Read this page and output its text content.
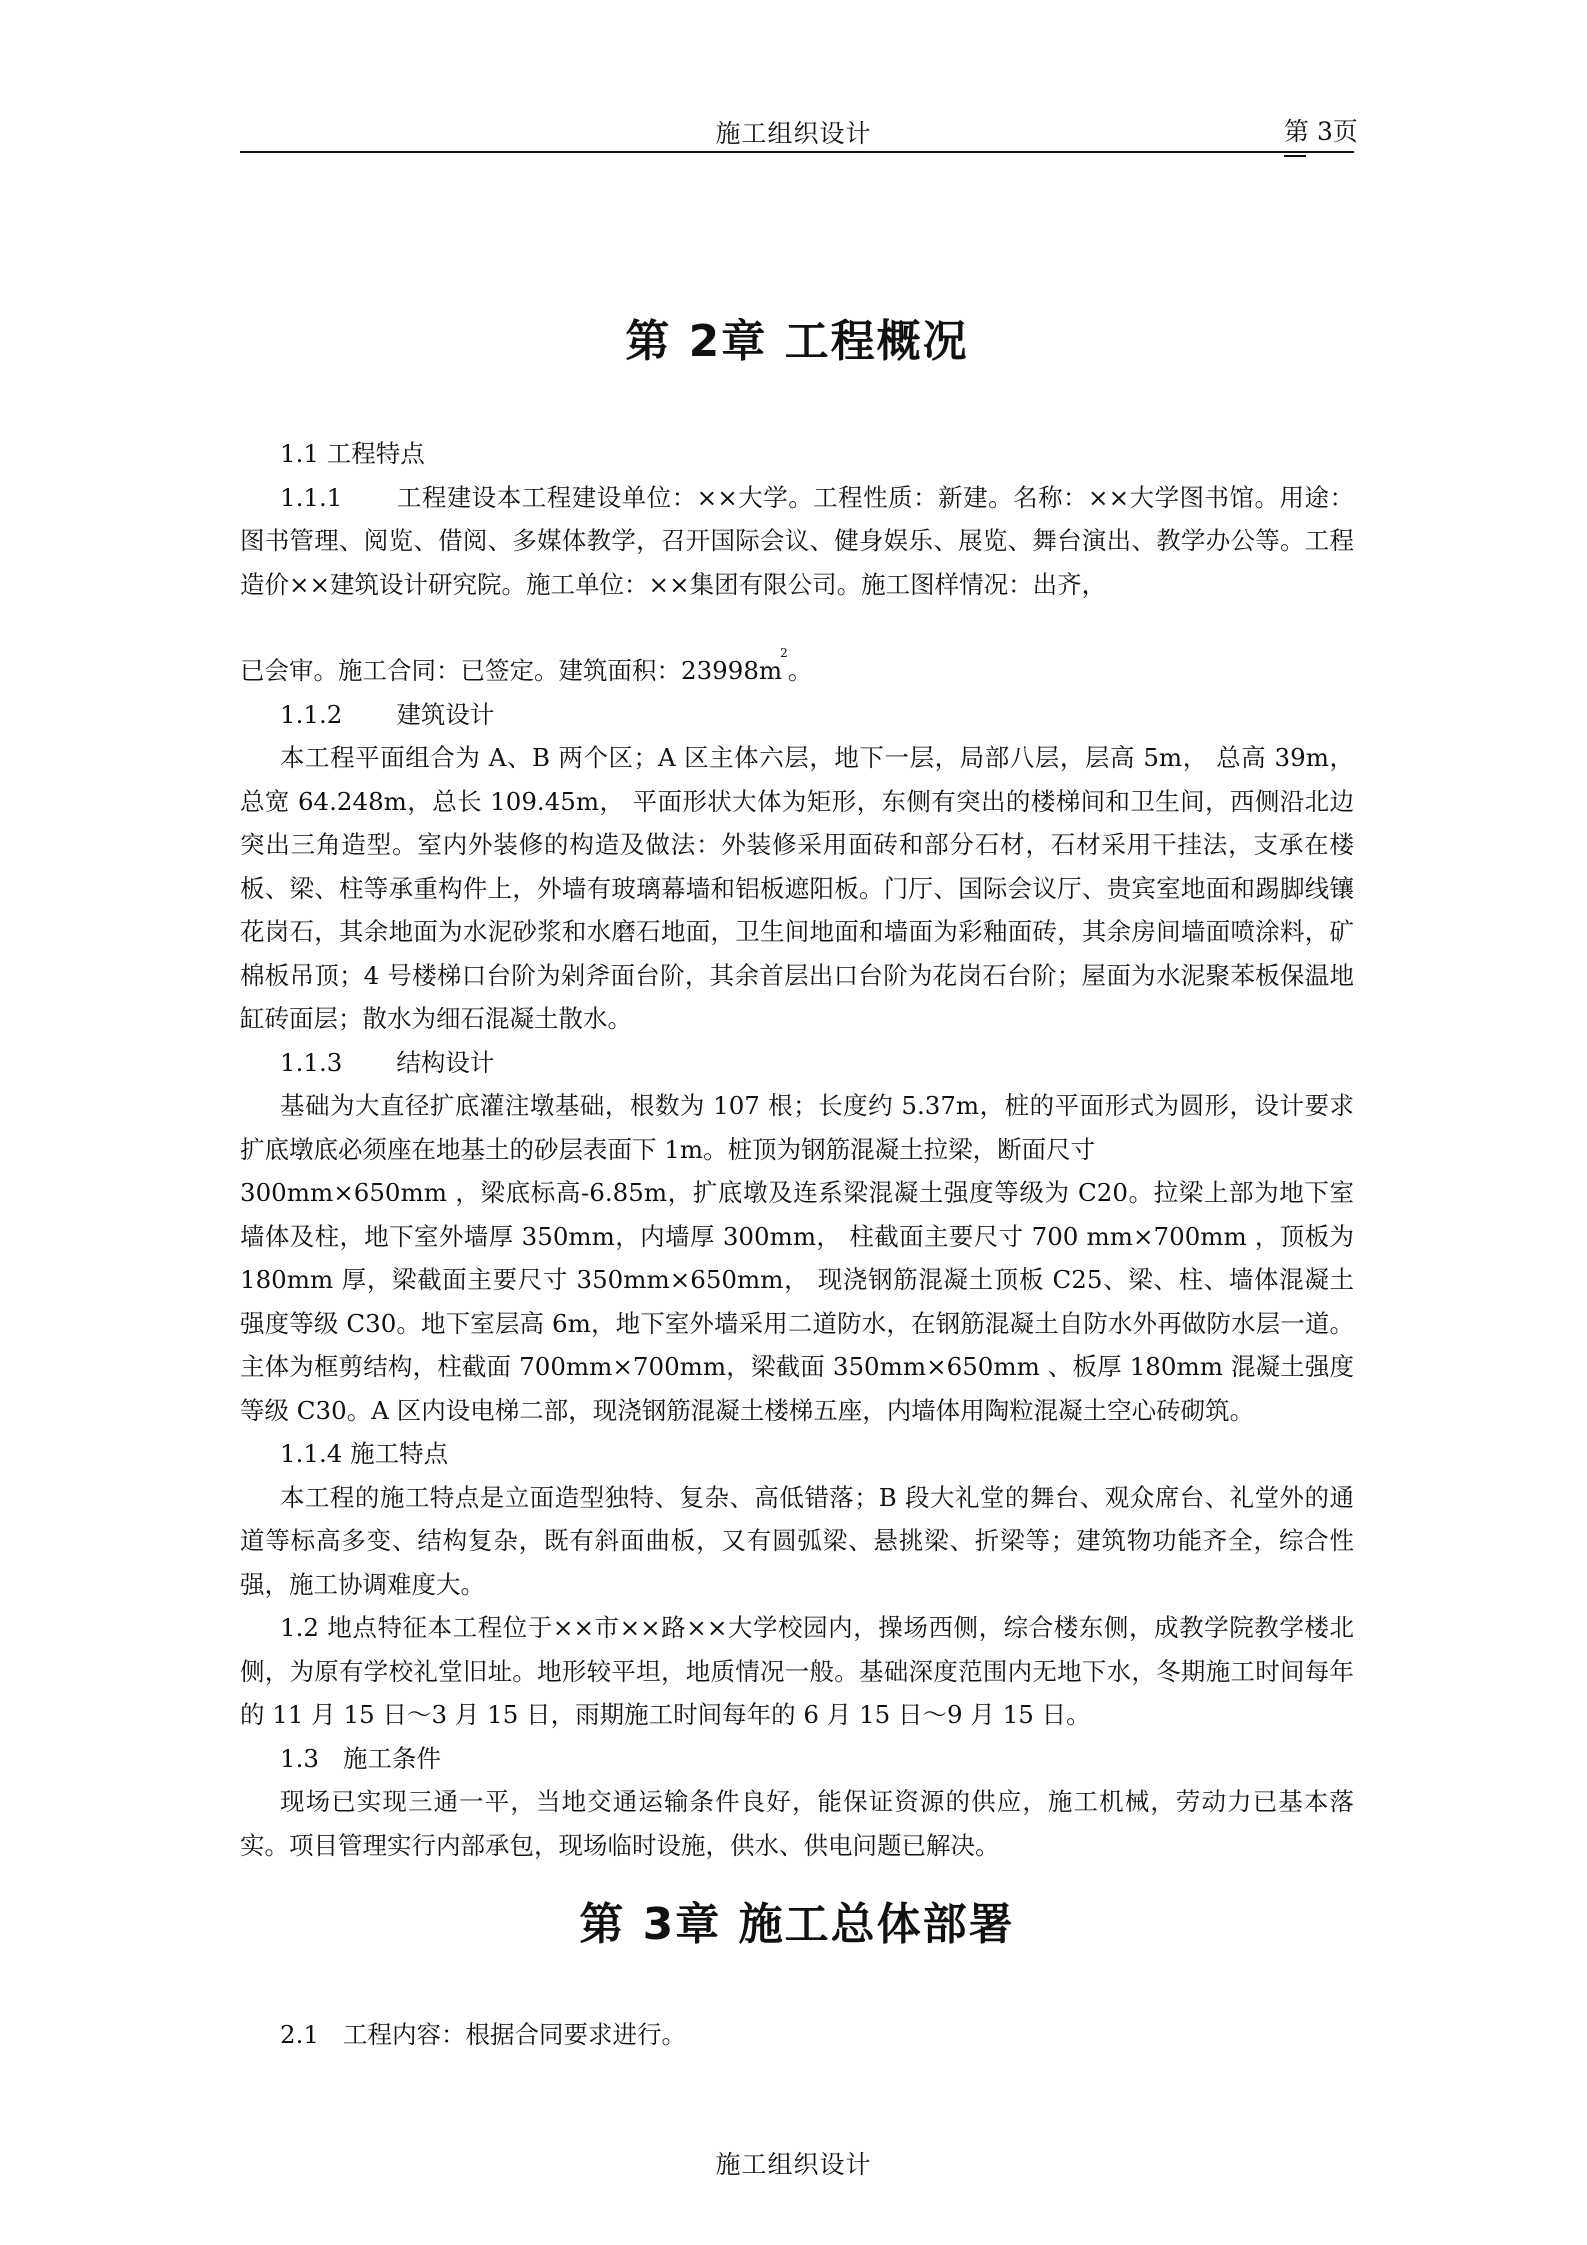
施工组织设计	第 3页
第 2章 工程概况

1.1 工程特点

1.1.1 工程建设本工程建设单位：××大学。工程性质：新建。名称：××大学图书馆。用途：图书管理、阅览、借阅、多媒体教学，召开国际会议、健身娱乐、展览、舞台演出、教学办公等。工程造价××建筑设计研究院。施工单位：××集团有限公司。施工图样情况：出齐，

已会审。施工合同：已签定。建筑面积：$23998m^2$。

1.1.2 建筑设计

本工程平面组合为 A、B 两个区；A 区主体六层，地下一层，局部八层，层高 5m， 总高 39m，总宽 64.248m，总长 109.45m， 平面形状大体为矩形，东侧有突出的楼梯间和卫生间，西侧沿北边突出三角造型。室内外装修的构造及做法：外装修采用面砖和部分石材，石材采用干挂法，支承在楼板、梁、柱等承重构件上，外墙有玻璃幕墙和铝板遮阳板。门厅、国际会议厅、贵宾室地面和踢脚线镶花岗石，其余地面为水泥砂浆和水磨石地面，卫生间地面和墙面为彩釉面砖，其余房间墙面喷涂料，矿棉板吊顶；4 号楼梯口台阶为剁斧面台阶，其余首层出口台阶为花岗石台阶；屋面为水泥聚苯板保温地缸砖面层；散水为细石混凝土散水。

1.1.3 结构设计

基础为大直径扩底灌注墩基础，根数为 107 根；长度约 5.37m，桩的平面形式为圆形，设计要求扩底墩底必须座在地基土的砂层表面下 1m。桩顶为钢筋混凝土拉梁，断面尺寸

300mm×650mm ，梁底标高-6.85m，扩底墩及连系梁混凝土强度等级为 C20。拉梁上部为地下室墙体及柱，地下室外墙厚 350mm，内墙厚 300mm， 柱截面主要尺寸 700 mm×700mm ，顶板为 180mm 厚，梁截面主要尺寸 350mm×650mm， 现浇钢筋混凝土顶板 C25、梁、柱、墙体混凝土强度等级 C30。地下室层高 6m，地下室外墙采用二道防水，在钢筋混凝土自防水外再做防水层一道。主体为框剪结构，柱截面 700mm×700mm，梁截面 350mm×650mm 、板厚 180mm 混凝土强度等级 C30。A 区内设电梯二部，现浇钢筋混凝土楼梯五座，内墙体用陶粒混凝土空心砖砌筑。

1.1.4 施工特点

本工程的施工特点是立面造型独特、复杂、高低错落；B 段大礼堂的舞台、观众席台、礼堂外的通道等标高多变、结构复杂，既有斜面曲板，又有圆弧梁、悬挑梁、折梁等；建筑物功能齐全，综合性强，施工协调难度大。

1.2 地点特征本工程位于××市××路××大学校园内，操场西侧，综合楼东侧，成教学院教学楼北侧，为原有学校礼堂旧址。地形较平坦，地质情况一般。基础深度范围内无地下水，冬期施工时间每年的 11 月 15 日～3 月 15 日，雨期施工时间每年的 6 月 15 日～9 月 15 日。

1.3 施工条件

现场已实现三通一平，当地交通运输条件良好，能保证资源的供应，施工机械，劳动力已基本落实。项目管理实行内部承包，现场临时设施，供水、供电问题已解决。

第 3章 施工总体部署
2.1 工程内容：根据合同要求进行。
施工组织设计
